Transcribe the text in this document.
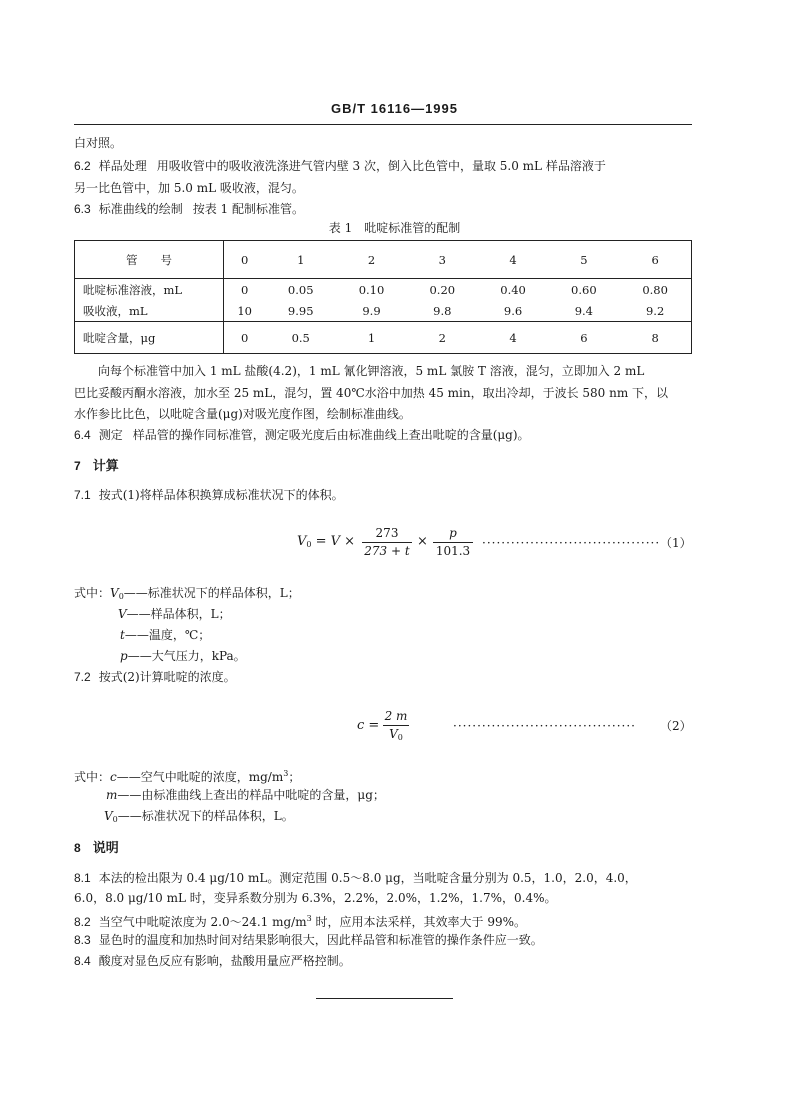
GB/T 16116—1995
白对照。
6.2 样品处理 用吸收管中的吸收液洗涤进气管内壁 3 次，倒入比色管中，量取 5.0 mL 样品溶液于
另一比色管中，加 5.0 mL 吸收液，混匀。
6.3 标准曲线的绘制 按表 1 配制标准管。
表 1　吡啶标准管的配制
管　　号	0	1	2	3	4	5	6
吡啶标准溶液，mL	0	0.05	0.10	0.20	0.40	0.60	0.80
吸收液，mL	10	9.95	9.9	9.8	9.6	9.4	9.2
吡啶含量，μg	0	0.5	1	2	4	6	8
向每个标准管中加入 1 mL 盐酸(4.2)，1 mL 氰化钾溶液，5 mL 氯胺 T 溶液，混匀，立即加入 2 mL
巴比妥酸丙酮水溶液，加水至 25 mL，混匀，置 40℃水浴中加热 45 min，取出冷却，于波长 580 nm 下，以
水作参比比色，以吡啶含量(μg)对吸光度作图，绘制标准曲线。
6.4 测定 样品管的操作同标准管，测定吸光度后由标准曲线上查出吡啶的含量(μg)。
7 计算
7.1 按式(1)将样品体积换算成标准状况下的体积。
$V_0 = V$ ×
273
273 + t
×
p
101.3
····································· （1）
式中：$V_0——$标准状况下的样品体积，L；
V——样品体积，L；
t——温度，℃；
p——大气压力，kPa。
7.2 按式(2)计算吡啶的浓度。
c =
2 m
$V_0$
······································ （2）
式中：c——空气中吡啶的浓度，$mg/m^3$；
m——由标准曲线上查出的样品中吡啶的含量，μg；
$V_0——$标准状况下的样品体积，L。
8 说明
8.1 本法的检出限为 0.4 μg/10 mL。测定范围 0.5～8.0 μg，当吡啶含量分别为 0.5，1.0，2.0，4.0，
6.0，8.0 μg/10 mL 时，变异系数分别为 6.3%，2.2%，2.0%，1.2%，1.7%，0.4%。
8.2 当空气中吡啶浓度为 2.0～24.1 $mg/m^3$ 时，应用本法采样，其效率大于 99%。
8.3 显色时的温度和加热时间对结果影响很大，因此样品管和标准管的操作条件应一致。
8.4 酸度对显色反应有影响，盐酸用量应严格控制。
